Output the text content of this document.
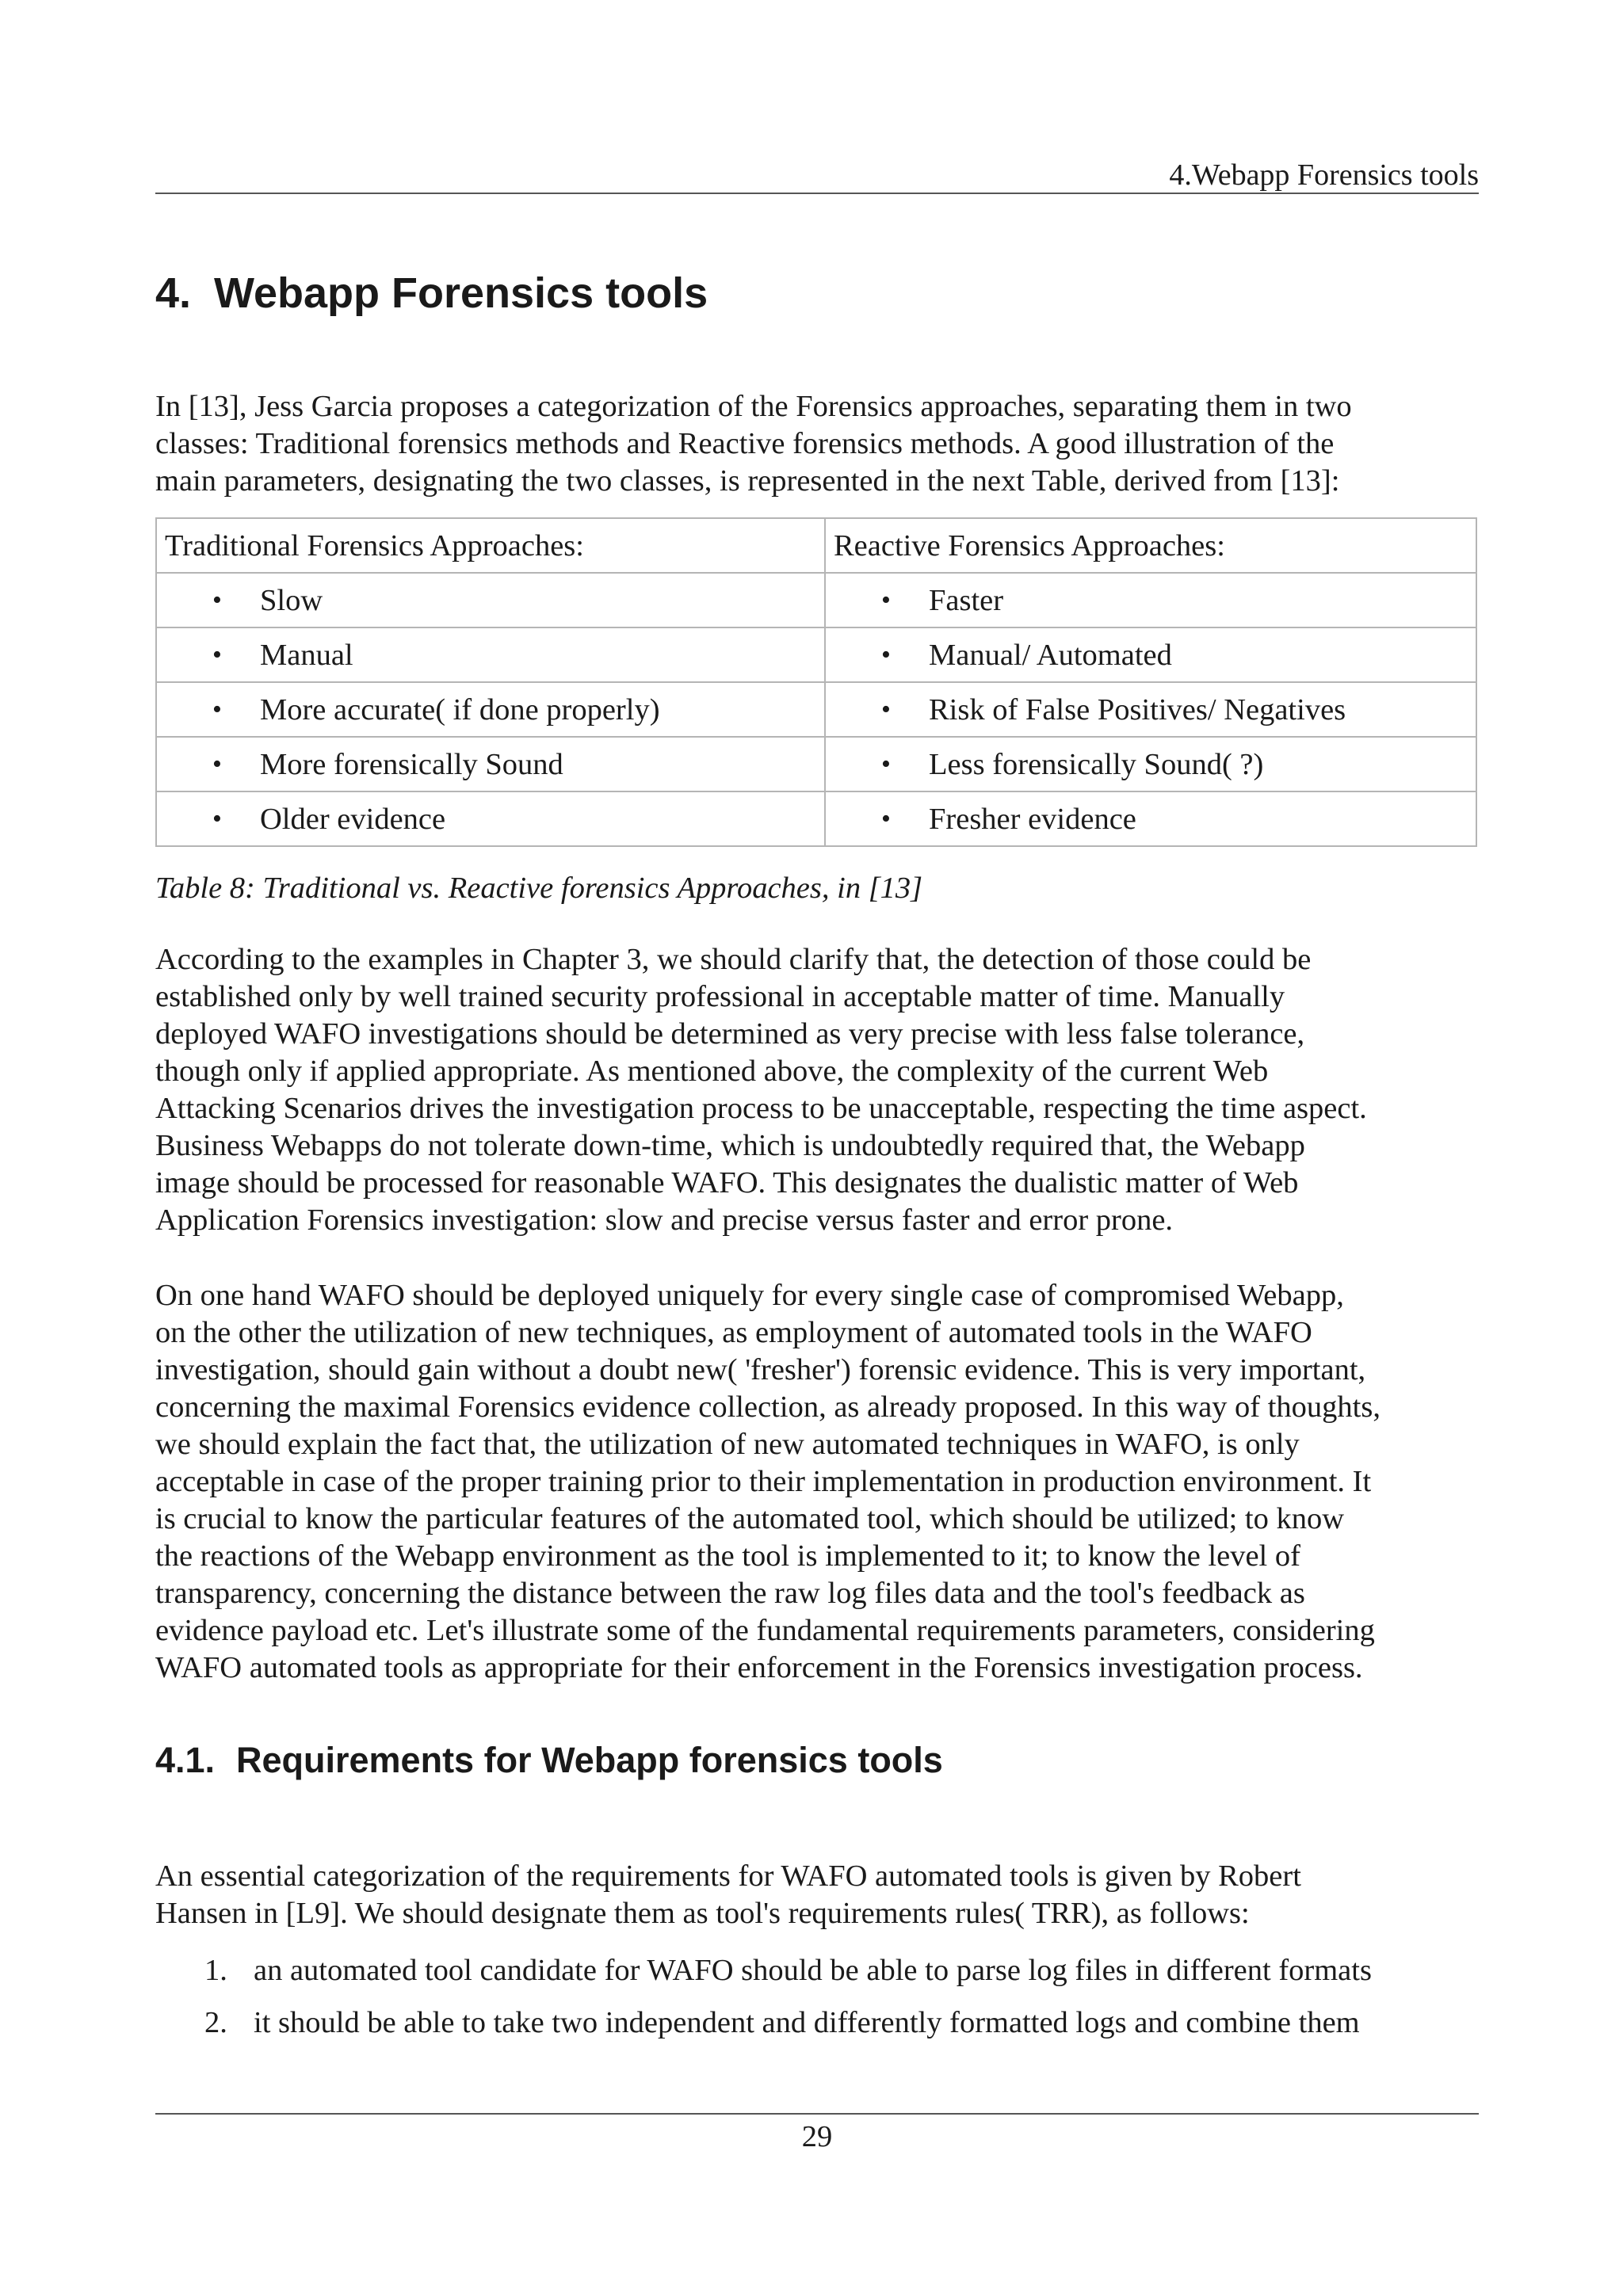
4.Webapp Forensics tools
4. Webapp Forensics tools
In [13], Jess Garcia proposes a categorization of the Forensics approaches, separating them in two
classes: Traditional forensics methods and Reactive forensics methods. A good illustration of the
main parameters, designating the two classes, is represented in the next Table, derived from [13]:
Traditional Forensics Approaches:	Reactive Forensics Approaches:

• Slow	• Faster

• Manual	• Manual/ Automated

• More accurate( if done properly)	• Risk of False Positives/ Negatives

• More forensically Sound	• Less forensically Sound( ?)

• Older evidence	• Fresher evidence
Table 8: Traditional vs. Reactive forensics Approaches, in [13]
According to the examples in Chapter 3, we should clarify that, the detection of those could be
established only by well trained security professional in acceptable matter of time. Manually
deployed WAFO investigations should be determined as very precise with less false tolerance,
though only if applied appropriate. As mentioned above, the complexity of the current Web
Attacking Scenarios drives the investigation process to be unacceptable, respecting the time aspect.
Business Webapps do not tolerate down-time, which is undoubtedly required that, the Webapp
image should be processed for reasonable WAFO. This designates the dualistic matter of Web
Application Forensics investigation: slow and precise versus faster and error prone.
On one hand WAFO should be deployed uniquely for every single case of compromised Webapp,
on the other the utilization of new techniques, as employment of automated tools in the WAFO
investigation, should gain without a doubt new( 'fresher') forensic evidence. This is very important,
concerning the maximal Forensics evidence collection, as already proposed. In this way of thoughts,
we should explain the fact that, the utilization of new automated techniques in WAFO, is only
acceptable in case of the proper training prior to their implementation in production environment. It
is crucial to know the particular features of the automated tool, which should be utilized; to know
the reactions of the Webapp environment as the tool is implemented to it; to know the level of
transparency, concerning the distance between the raw log files data and the tool's feedback as
evidence payload etc. Let's illustrate some of the fundamental requirements parameters, considering
WAFO automated tools as appropriate for their enforcement in the Forensics investigation process.
4.1. Requirements for Webapp forensics tools
An essential categorization of the requirements for WAFO automated tools is given by Robert
Hansen in [L9]. We should designate them as tool's requirements rules( TRR), as follows:
1. an automated tool candidate for WAFO should be able to parse log files in different formats
2. it should be able to take two independent and differently formatted logs and combine them
29
